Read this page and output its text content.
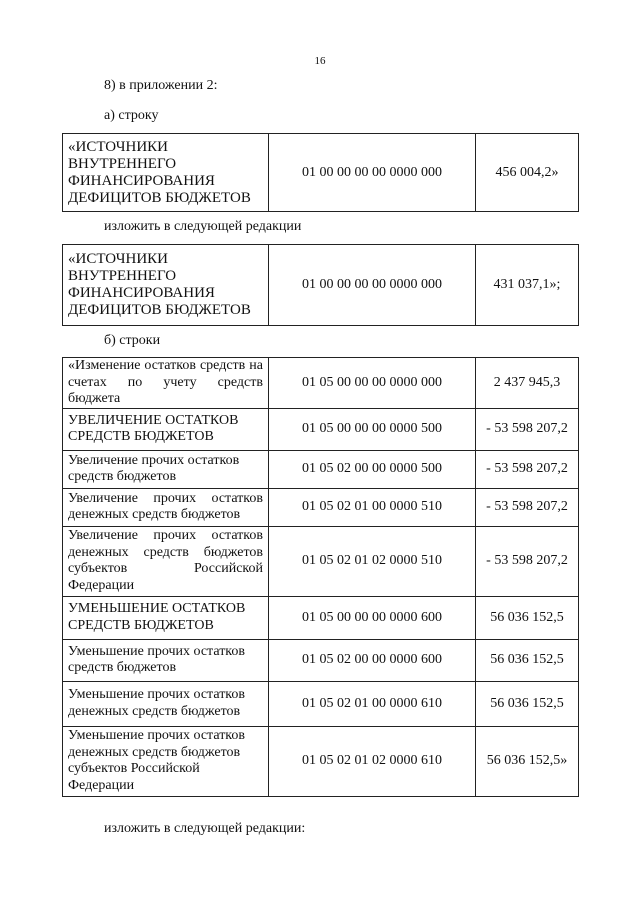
16
8) в приложении 2:
а) строку
«ИСТОЧНИКИ ВНУТРЕННЕГО ФИНАНСИРОВАНИЯ ДЕФИЦИТОВ БЮДЖЕТОВ	01 00 00 00 00 0000 000	456 004,2»
изложить в следующей редакции
«ИСТОЧНИКИ ВНУТРЕННЕГО ФИНАНСИРОВАНИЯ ДЕФИЦИТОВ БЮДЖЕТОВ	01 00 00 00 00 0000 000	431 037,1»;
б) строки
«Изменение остатков средств на счетах по учету средств бюджета	01 05 00 00 00 0000 000	2 437 945,3
УВЕЛИЧЕНИЕ ОСТАТКОВ СРЕДСТВ БЮДЖЕТОВ	01 05 00 00 00 0000 500	- 53 598 207,2
Увеличение прочих остатков средств бюджетов	01 05 02 00 00 0000 500	- 53 598 207,2
Увеличение прочих остатков денежных средств бюджетов	01 05 02 01 00 0000 510	- 53 598 207,2
Увеличение прочих остатков денежных средств бюджетов субъектов Российской Федерации	01 05 02 01 02 0000 510	- 53 598 207,2
УМЕНЬШЕНИЕ ОСТАТКОВ СРЕДСТВ БЮДЖЕТОВ	01 05 00 00 00 0000 600	56 036 152,5
Уменьшение прочих остатков средств бюджетов	01 05 02 00 00 0000 600	56 036 152,5
Уменьшение прочих остатков денежных средств бюджетов	01 05 02 01 00 0000 610	56 036 152,5
Уменьшение прочих остатков денежных средств бюджетов субъектов Российской Федерации	01 05 02 01 02 0000 610	56 036 152,5»
изложить в следующей редакции:
